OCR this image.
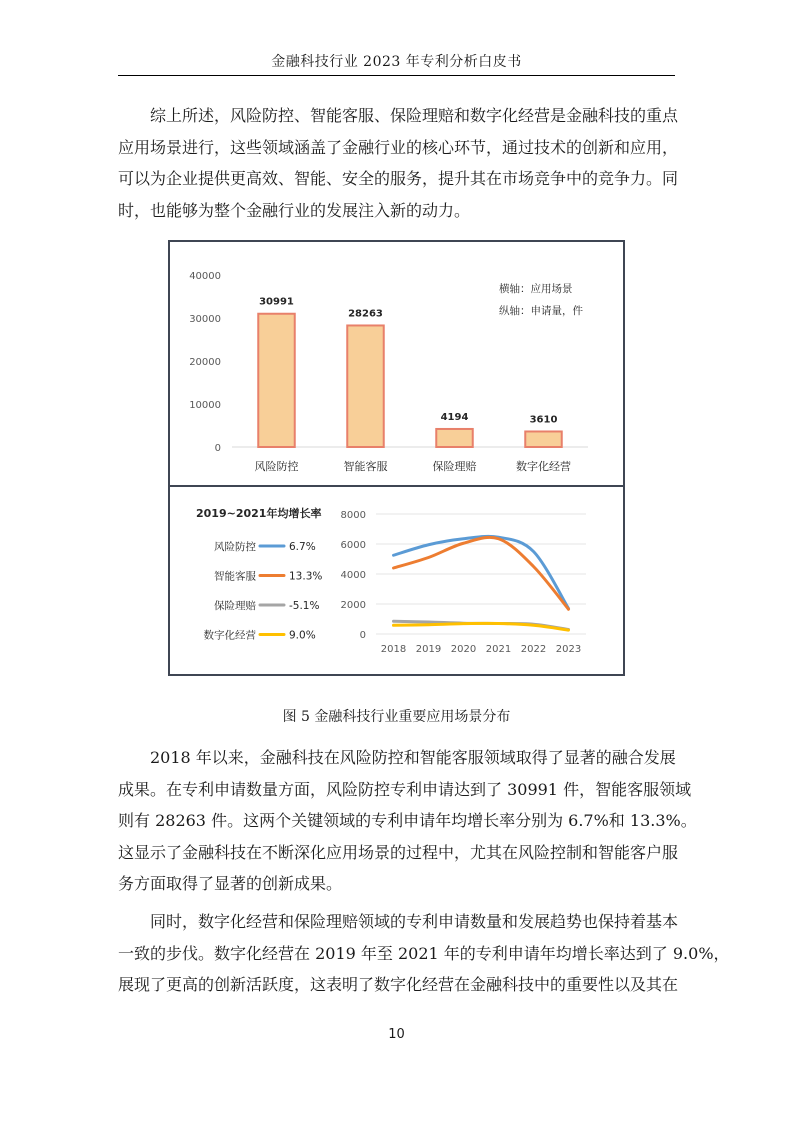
金融科技行业 2023 年专利分析白皮书
　　综上所述，风险防控、智能客服、保险理赔和数字化经营是金融科技的重点
应用场景进行，这些领域涵盖了金融行业的核心环节，通过技术的创新和应用，
可以为企业提供更高效、智能、安全的服务，提升其在市场竞争中的竞争力。同
时，也能够为整个金融行业的发展注入新的动力。
0
10000
20000
30000
40000
30991
风险防控
28263
智能客服
4194
保险理赔
3610
数字化经营
横轴：应用场景
纵轴：申请量，件
0
2000
4000
6000
8000
2018 2019 2020 2021 2022 2023
2019~2021年均增长率
风险防控	6.7%
智能客服	13.3%
保险理赔	-5.1%
数字化经营	9.0%
图 5 金融科技行业重要应用场景分布
　　2018 年以来，金融科技在风险防控和智能客服领域取得了显著的融合发展
成果。在专利申请数量方面，风险防控专利申请达到了 30991 件，智能客服领域
则有 28263 件。这两个关键领域的专利申请年均增长率分别为 6.7%和 13.3%。
这显示了金融科技在不断深化应用场景的过程中，尤其在风险控制和智能客户服
务方面取得了显著的创新成果。
　　同时，数字化经营和保险理赔领域的专利申请数量和发展趋势也保持着基本
一致的步伐。数字化经营在 2019 年至 2021 年的专利申请年均增长率达到了 9.0%，
展现了更高的创新活跃度，这表明了数字化经营在金融科技中的重要性以及其在
10
